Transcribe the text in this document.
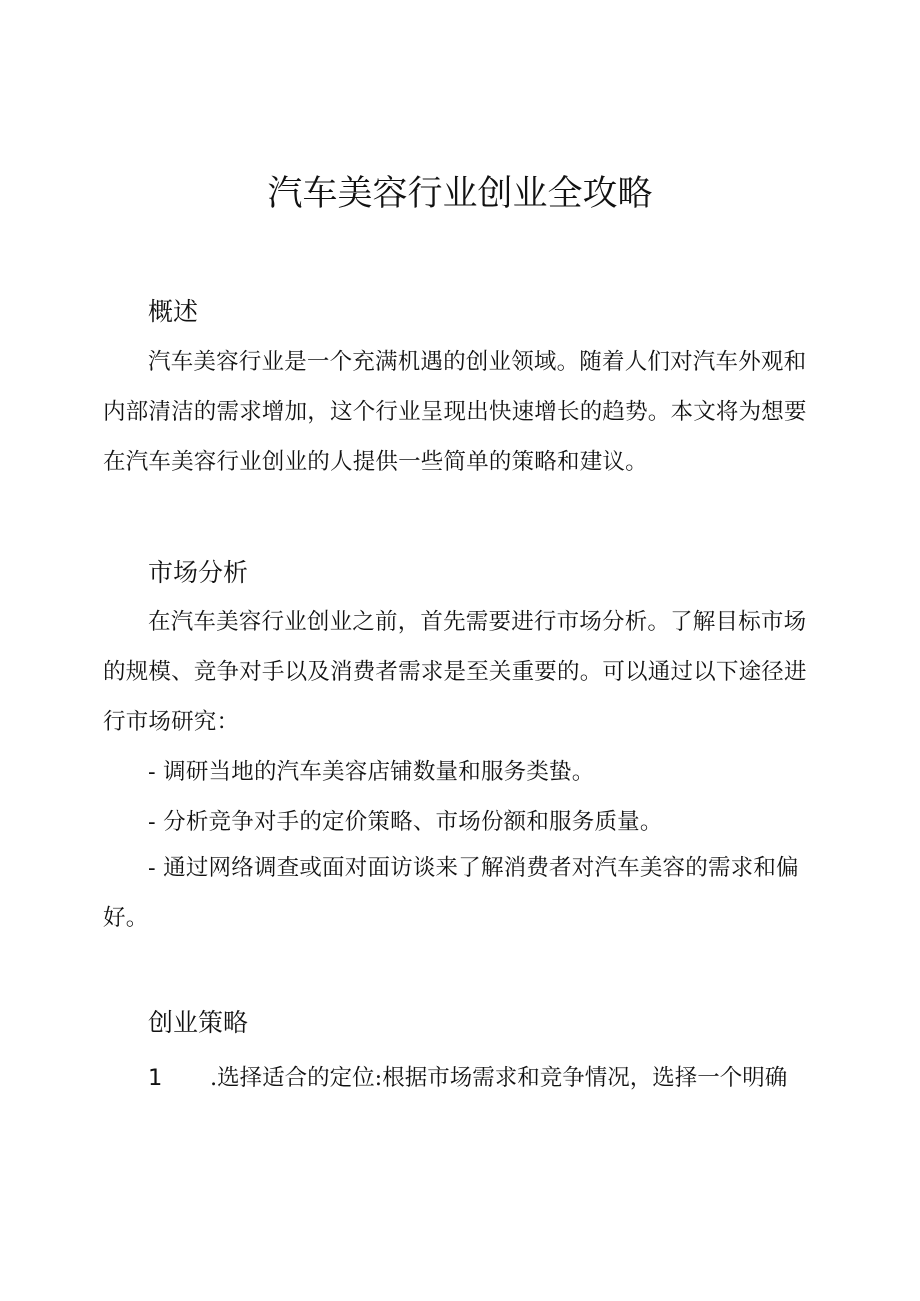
汽车美容行业创业全攻略
概述
汽车美容行业是一个充满机遇的创业领域。随着人们对汽车外观和内部清洁的需求增加，这个行业呈现出快速增长的趋势。本文将为想要在汽车美容行业创业的人提供一些简单的策略和建议。
市场分析
在汽车美容行业创业之前，首先需要进行市场分析。了解目标市场的规模、竞争对手以及消费者需求是至关重要的。可以通过以下途径进行市场研究：
- 调研当地的汽车美容店铺数量和服务类蛰。
- 分析竞争对手的定价策略、市场份额和服务质量。
- 通过网络调查或面对面访谈来了解消费者对汽车美容的需求和偏好。
创业策略
1 .选择适合的定位:根据市场需求和竞争情况，选择一个明确
